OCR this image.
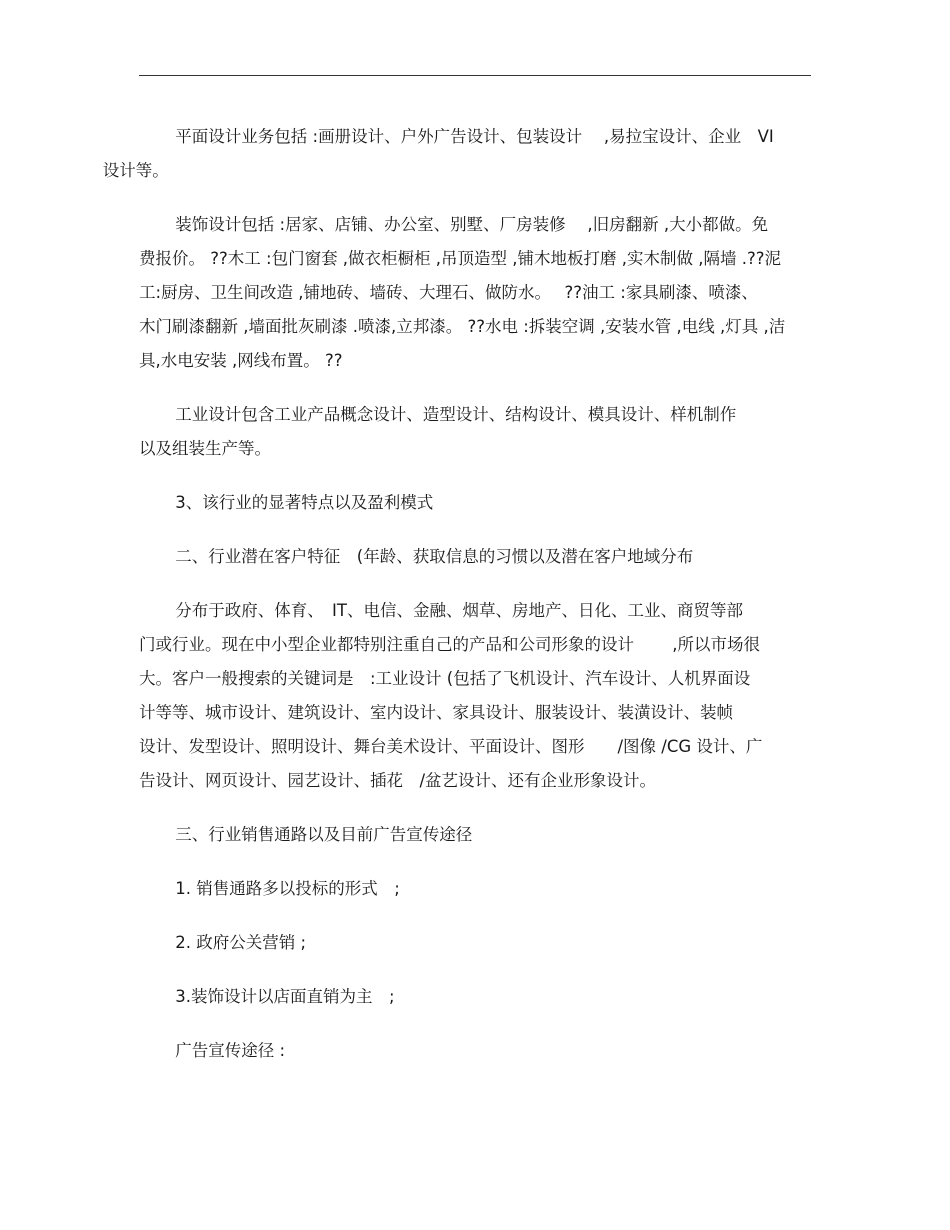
平面设计业务包括 :画册设计、户外广告设计、包装设计　 ,易拉宝设计、企业　VI
设计等。

装饰设计包括 :居家、店铺、办公室、别墅、厂房装修　 ,旧房翻新 ,大小都做。免
费报价。 ??木工 :包门窗套 ,做衣柜橱柜 ,吊顶造型 ,铺木地板打磨 ,实木制做 ,隔墙 .??泥
工:厨房、卫生间改造 ,铺地砖、墙砖、大理石、做防水。　 ??油工 :家具刷漆、喷漆、
木门刷漆翻新 ,墙面批灰刷漆 .喷漆,立邦漆。 ??水电 :拆装空调 ,安装水管 ,电线 ,灯具 ,洁
具,水电安装 ,网线布置。 ??

工业设计包含工业产品概念设计、造型设计、结构设计、模具设计、样机制作
以及组装生产等。

3、该行业的显著特点以及盈利模式

二、行业潜在客户特征　(年龄、获取信息的习惯以及潜在客户地域分布

分布于政府、体育、　IT、电信、金融、烟草、房地产、日化、工业、商贸等部
门或行业。现在中小型企业都特别注重自己的产品和公司形象的设计　　 ,所以市场很
大。客户一般搜索的关键词是　:工业设计 (包括了飞机设计、汽车设计、人机界面设
计等等、城市设计、建筑设计、室内设计、家具设计、服装设计、装潢设计、装帧
设计、发型设计、照明设计、舞台美术设计、平面设计、图形　　/图像 /CG 设计、广
告设计、网页设计、园艺设计、插花　/盆艺设计、还有企业形象设计。

三、行业销售通路以及目前广告宣传途径

1. 销售通路多以投标的形式　;

2. 政府公关营销 ;

3.装饰设计以店面直销为主　;

广告宣传途径 :
